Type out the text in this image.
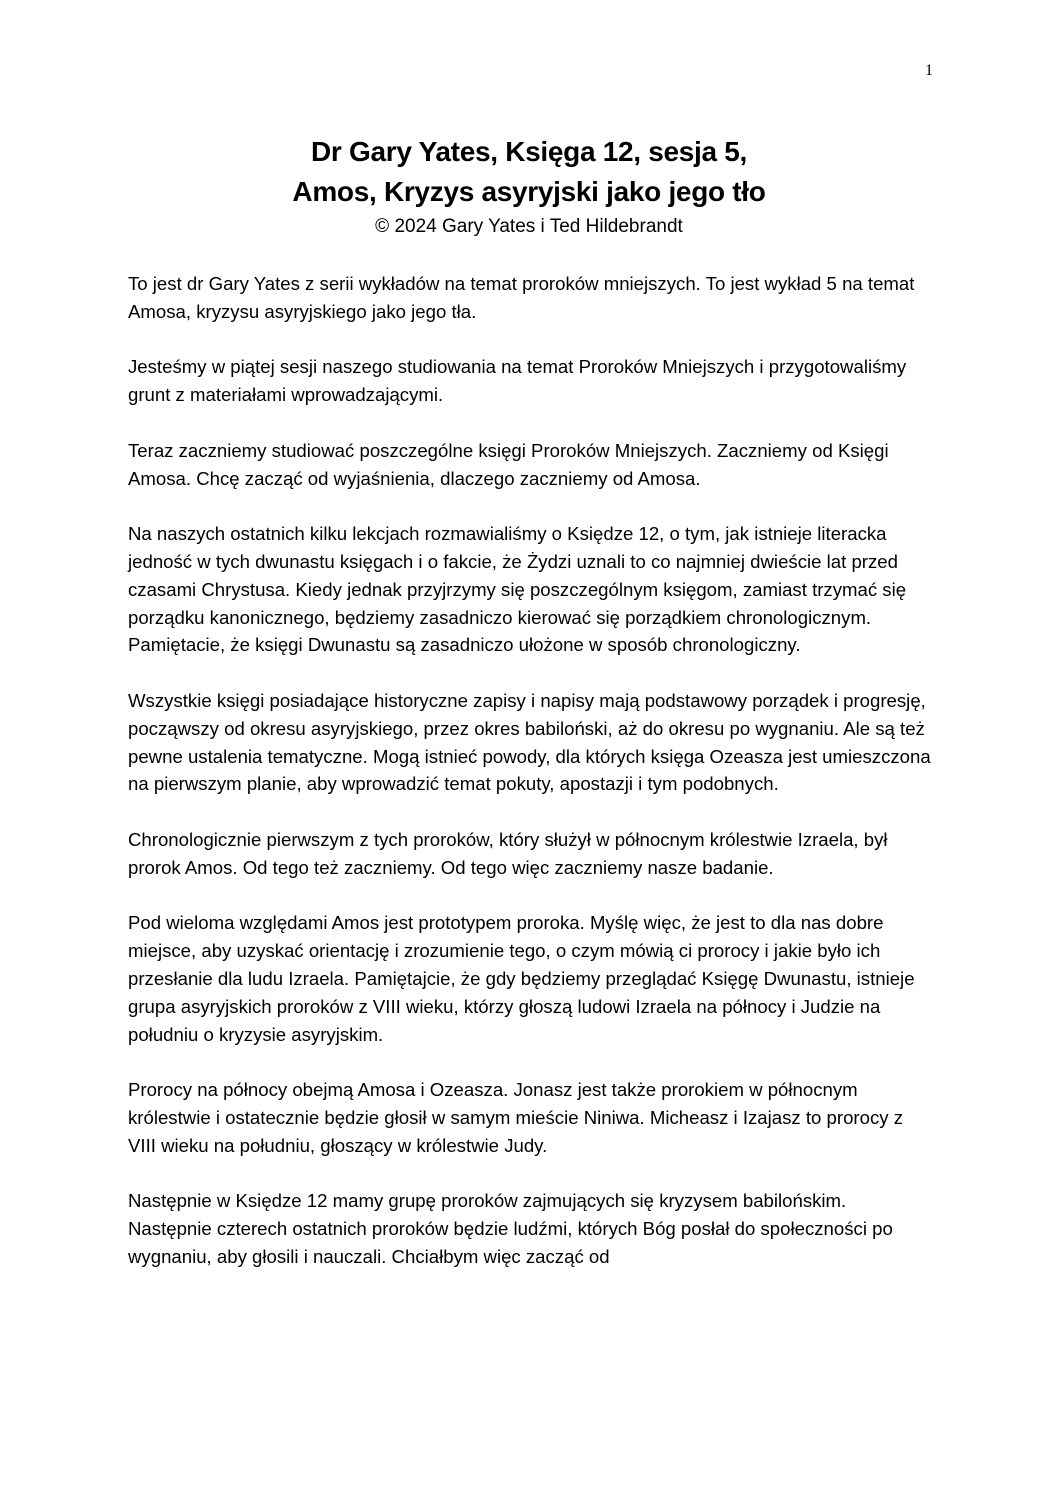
1
Dr Gary Yates, Księga 12, sesja 5,
Amos, Kryzys asyryjski jako jego tło
© 2024 Gary Yates i Ted Hildebrandt

To jest dr Gary Yates z serii wykładów na temat proroków mniejszych. To jest wykład 5 na temat Amosa, kryzysu asyryjskiego jako jego tła.

Jesteśmy w piątej sesji naszego studiowania na temat Proroków Mniejszych i przygotowaliśmy grunt z materiałami wprowadzającymi.

Teraz zaczniemy studiować poszczególne księgi Proroków Mniejszych. Zaczniemy od Księgi Amosa. Chcę zacząć od wyjaśnienia, dlaczego zaczniemy od Amosa.

Na naszych ostatnich kilku lekcjach rozmawialiśmy o Księdze 12, o tym, jak istnieje literacka jedność w tych dwunastu księgach i o fakcie, że Żydzi uznali to co najmniej dwieście lat przed czasami Chrystusa. Kiedy jednak przyjrzymy się poszczególnym księgom, zamiast trzymać się porządku kanonicznego, będziemy zasadniczo kierować się porządkiem chronologicznym. Pamiętacie, że księgi Dwunastu są zasadniczo ułożone w sposób chronologiczny.

Wszystkie księgi posiadające historyczne zapisy i napisy mają podstawowy porządek i progresję, począwszy od okresu asyryjskiego, przez okres babiloński, aż do okresu po wygnaniu. Ale są też pewne ustalenia tematyczne. Mogą istnieć powody, dla których księga Ozeasza jest umieszczona na pierwszym planie, aby wprowadzić temat pokuty, apostazji i tym podobnych.

Chronologicznie pierwszym z tych proroków, który służył w północnym królestwie Izraela, był prorok Amos. Od tego też zaczniemy. Od tego więc zaczniemy nasze badanie.

Pod wieloma względami Amos jest prototypem proroka. Myślę więc, że jest to dla nas dobre miejsce, aby uzyskać orientację i zrozumienie tego, o czym mówią ci prorocy i jakie było ich przesłanie dla ludu Izraela. Pamiętajcie, że gdy będziemy przeglądać Księgę Dwunastu, istnieje grupa asyryjskich proroków z VIII wieku, którzy głoszą ludowi Izraela na północy i Judzie na południu o kryzysie asyryjskim.

Prorocy na północy obejmą Amosa i Ozeasza. Jonasz jest także prorokiem w północnym królestwie i ostatecznie będzie głosił w samym mieście Niniwa. Micheasz i Izajasz to prorocy z VIII wieku na południu, głoszący w królestwie Judy.

Następnie w Księdze 12 mamy grupę proroków zajmujących się kryzysem babilońskim. Następnie czterech ostatnich proroków będzie ludźmi, których Bóg posłał do społeczności po wygnaniu, aby głosili i nauczali. Chciałbym więc zacząć od
